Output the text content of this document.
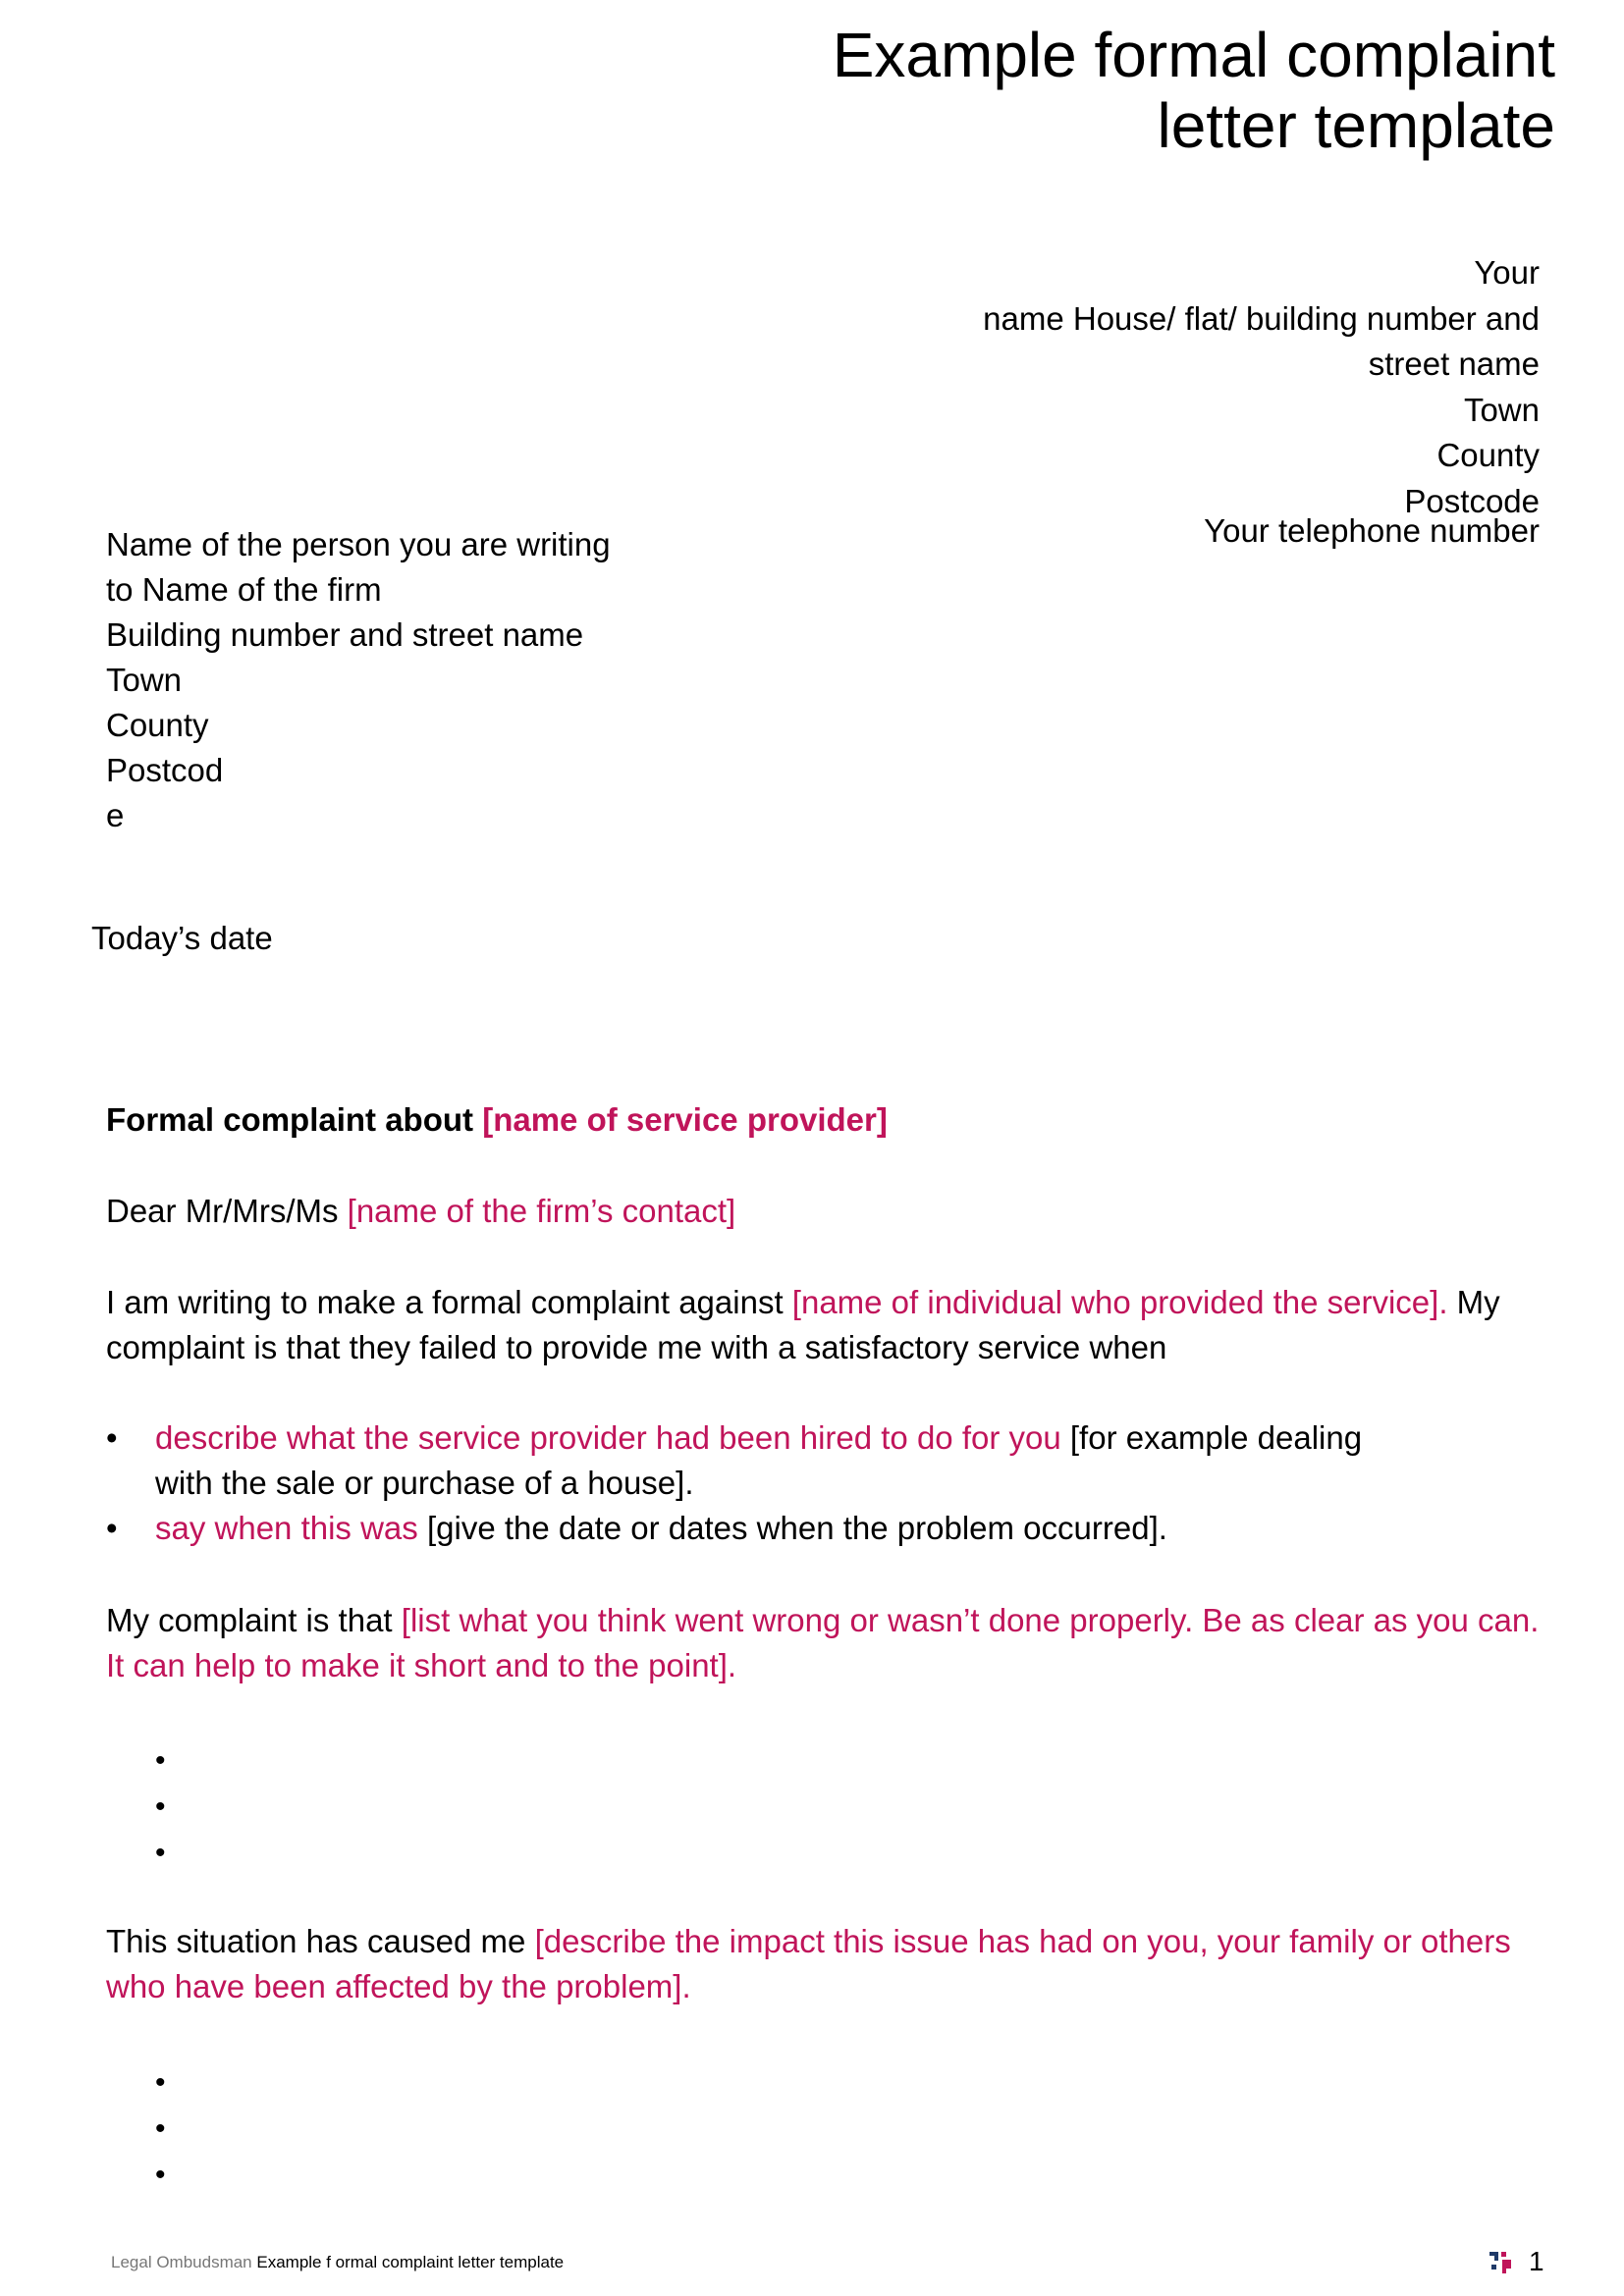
Example formal complaint
letter template
Your
name House/ flat/ building number and
street name
Town
County
Postcode
Your telephone number
Name of the person you are writing
to Name of the firm
Building number and street name
Town
County
Postcod
e
Today’s date
Formal complaint about [name of service provider]
Dear Mr/Mrs/Ms [name of the firm’s contact]
I am writing to make a formal complaint against [name of individual who provided the service]. My complaint is that they failed to provide me with a satisfactory service when
• describe what the service provider had been hired to do for you [for example dealing with the sale or purchase of a house].
• say when this was [give the date or dates when the problem occurred].
My complaint is that [list what you think went wrong or wasn’t done properly. Be as clear as you can. It can help to make it short and to the point].
•
•
•
This situation has caused me [describe the impact this issue has had on you, your family or others who have been affected by the problem].
•
•
•
Legal Ombudsman Example f ormal complaint letter template	1
